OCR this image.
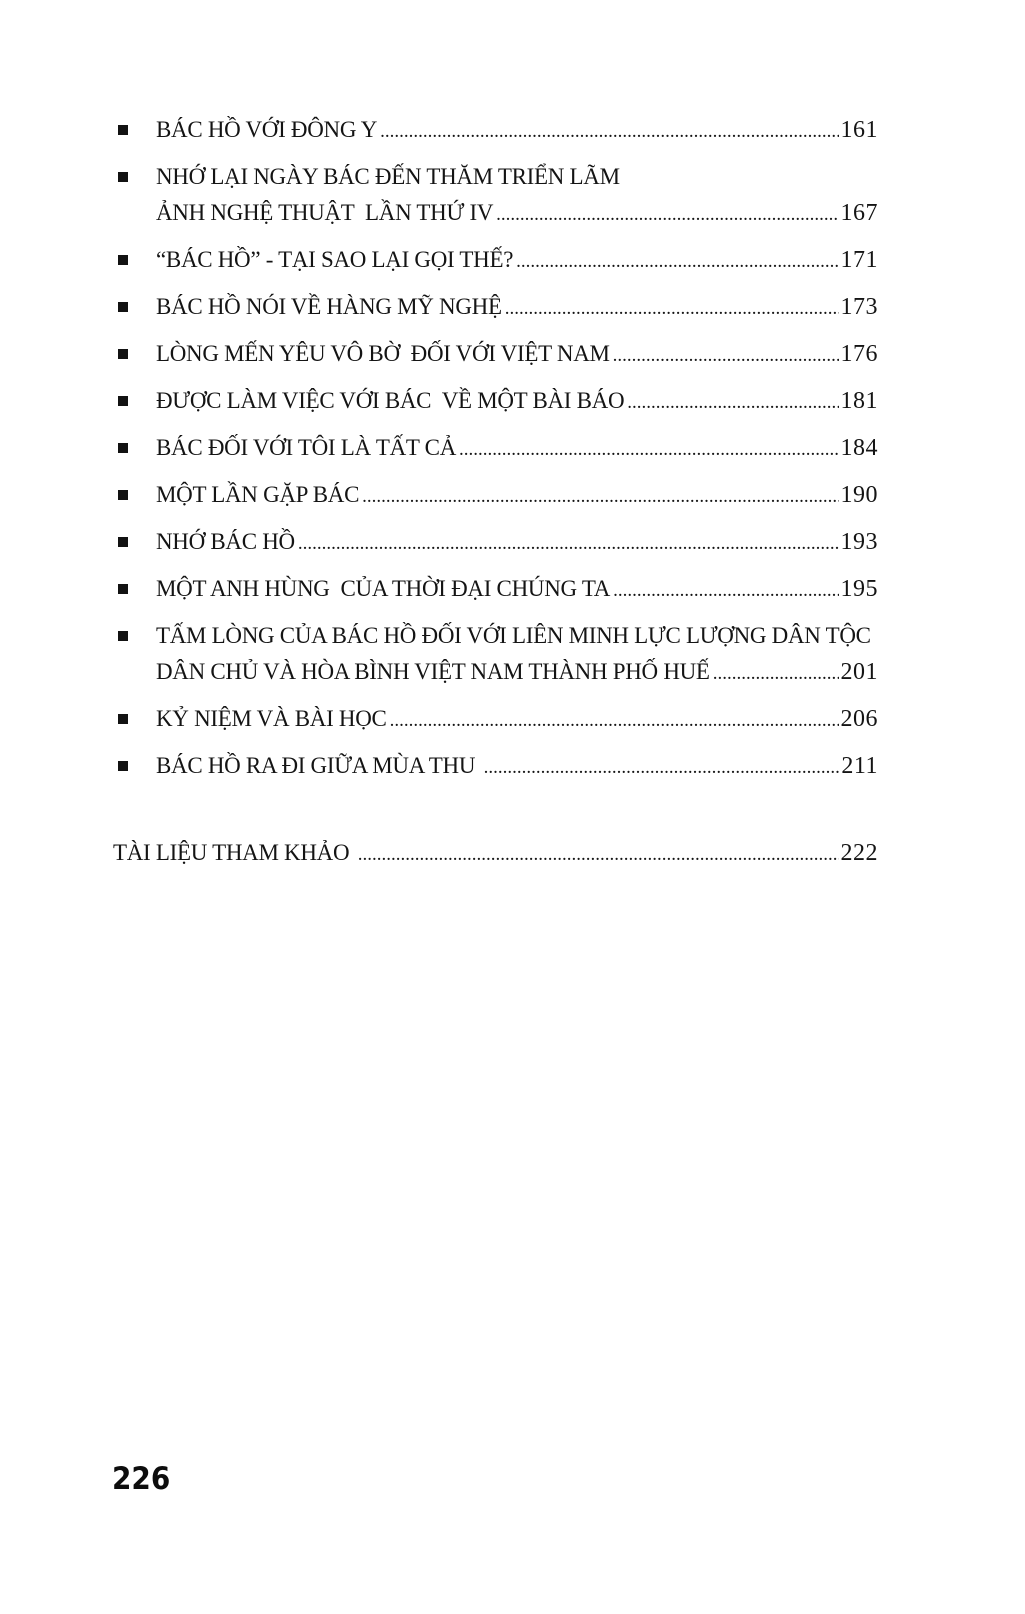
BÁC HỒ VỚI ĐÔNG Y .....	161
NHỚ LẠI NGÀY BÁC ĐẾN THĂM TRIỂN LÃM
ẢNH NGHỆ THUẬT  LẦN THỨ IV .....	167
“BÁC HỒ” - TẠI SAO LẠI GỌI THẾ? .....	171
BÁC HỒ NÓI VỀ HÀNG MỸ NGHỆ .....	173
LÒNG MẾN YÊU VÔ BỜ  ĐỐI VỚI VIỆT NAM .....	176
ĐƯỢC LÀM VIỆC VỚI BÁC  VỀ MỘT BÀI BÁO .....	181
BÁC ĐỐI VỚI TÔI LÀ TẤT CẢ .....	184
MỘT LẦN GẶP BÁC .....	190
NHỚ BÁC HỒ .....	193
MỘT ANH HÙNG  CỦA THỜI ĐẠI CHÚNG TA .....	195
TẤM LÒNG CỦA BÁC HỒ ĐỐI VỚI LIÊN MINH LỰC LƯỢNG DÂN TỘC
DÂN CHỦ VÀ HÒA BÌNH VIỆT NAM THÀNH PHỐ HUẾ .....	201
KỶ NIỆM VÀ BÀI HỌC .....	206
BÁC HỒ RA ĐI GIỮA MÙA THU .....	211
TÀI LIỆU THAM KHẢO .....	222
226
